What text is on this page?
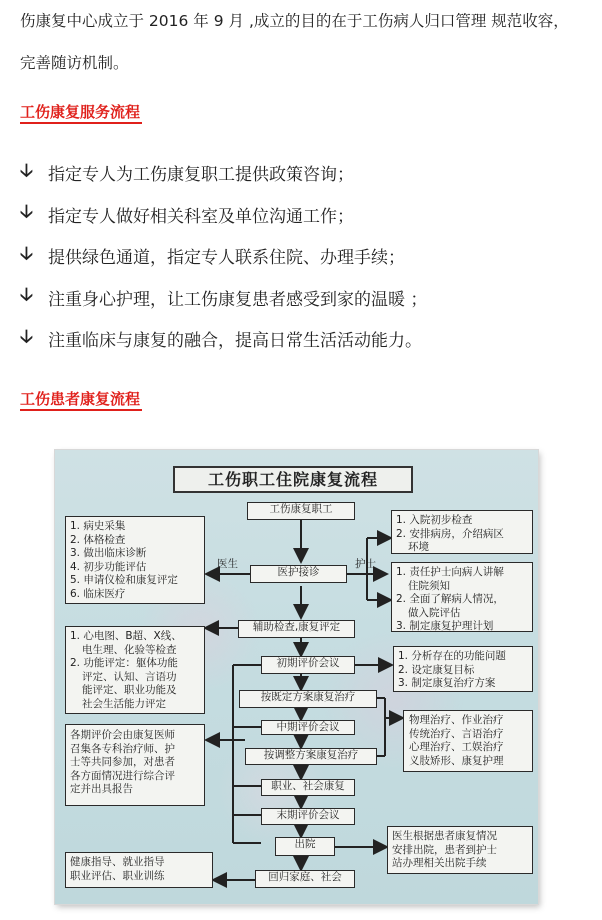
伤康复中心成立于 2016 年 9 月 ,成立的目的在于工伤病人归口管理 规范收容，

完善随访机制。

工伤康复服务流程
🡣 指定专人为工伤康复职工提供政策咨询；
🡣 指定专人做好相关科室及单位沟通工作；
🡣 提供绿色通道，指定专人联系住院、办理手续；
🡣 注重身心护理，让工伤康复患者感受到家的温暖 ；
🡣 注重临床与康复的融合，提高日常生活活动能力。
工伤患者康复流程
工伤职工住院康复流程
工伤康复职工
医护接诊
辅助检查,康复评定
初期评价会议
按既定方案康复治疗
中期评价会议
按调整方案康复治疗
职业、社会康复
末期评价会议
出院
回归家庭、社会
医生	护士
1. 病史采集
2. 体格检查
3. 做出临床诊断
4. 初步功能评估
5. 申请仪检和康复评定
6. 临床医疗
1. 心电图、B超、X线、
电生理、化验等检查
2. 功能评定：躯体功能
评定、认知、言语功
能评定、职业功能及
社会生活能力评定
各期评价会由康复医师
召集各专科治疗师、护
士等共同参加，对患者
各方面情况进行综合评
定并出具报告
健康指导、就业指导
职业评估、职业训练
1. 入院初步检查
2. 安排病房，介绍病区
环境
1. 责任护士向病人讲解
住院须知
2. 全面了解病人情况，
做入院评估
3. 制定康复护理计划
1. 分析存在的功能问题
2. 设定康复目标
3. 制定康复治疗方案
物理治疗、作业治疗
传统治疗、言语治疗
心理治疗、工娱治疗
义肢矫形、康复护理
医生根据患者康复情况
安排出院，患者到护士
站办理相关出院手续
